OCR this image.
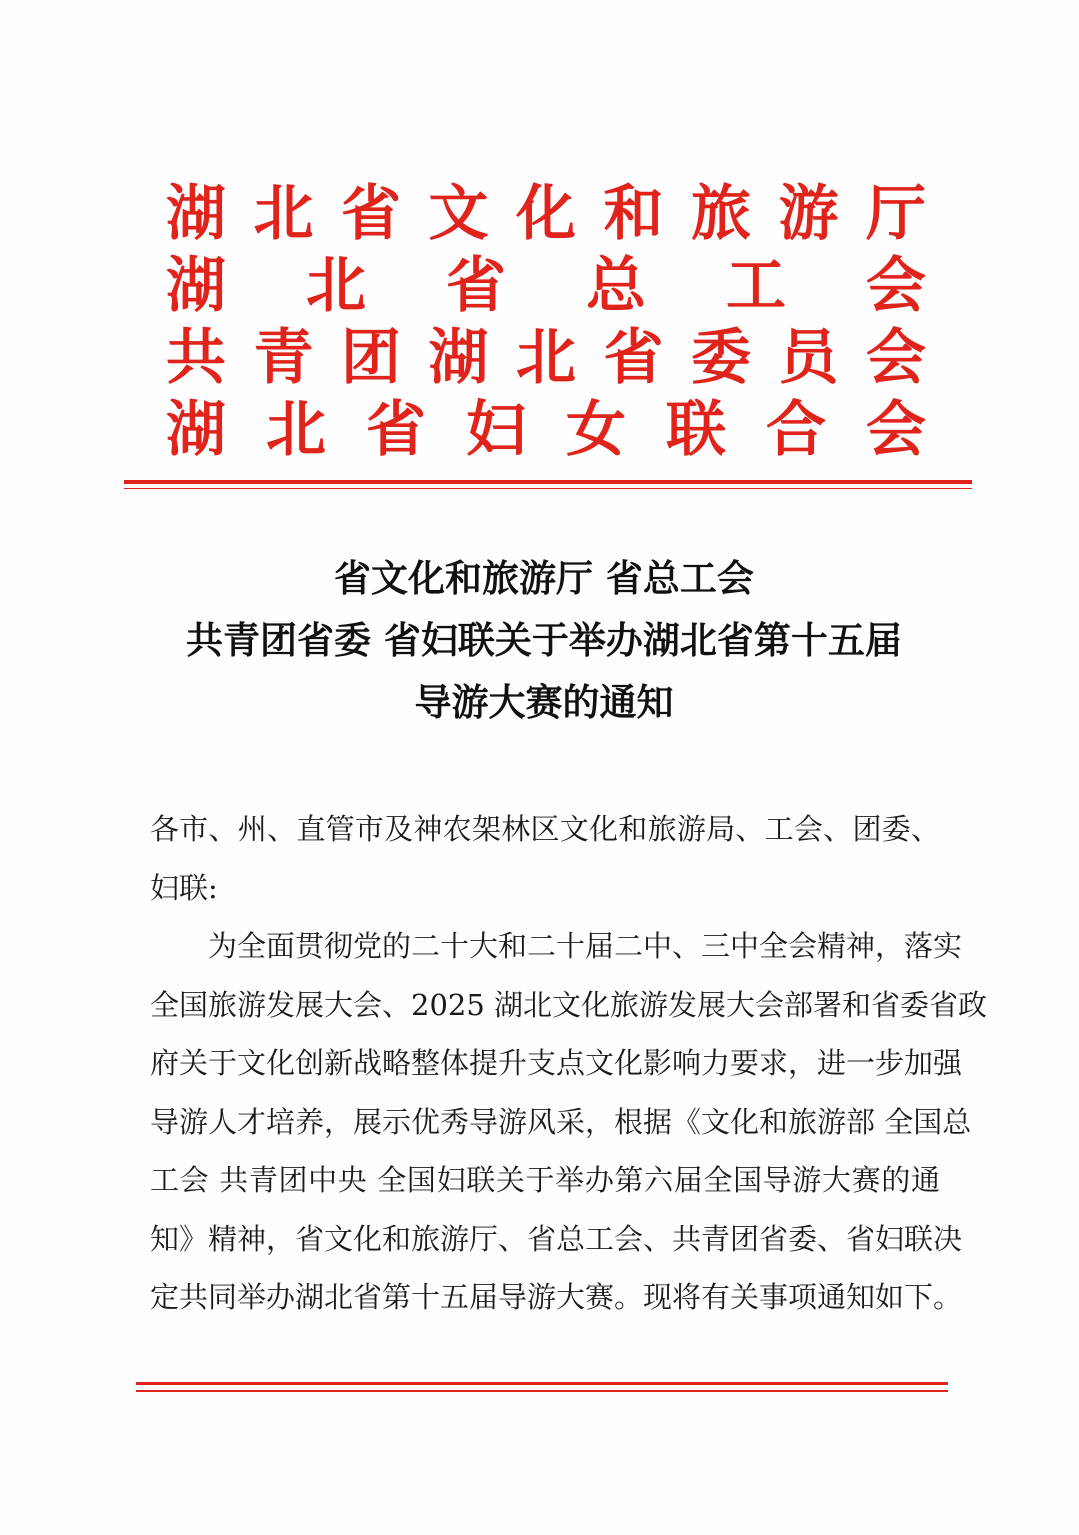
湖 北 省 文 化 和 旅 游 厅
湖 北 省 总 工 会
共 青 团 湖 北 省 委 员 会
湖 北 省 妇 女 联 合 会
省文化和旅游厅 省总工会
共青团省委 省妇联关于举办湖北省第十五届
导游大赛的通知
各市、州、直管市及神农架林区文化和旅游局、工会、团委、
妇联:
为全面贯彻党的二十大和二十届二中、三中全会精神，落实
全国旅游发展大会、2025 湖北文化旅游发展大会部署和省委省政
府关于文化创新战略整体提升支点文化影响力要求，进一步加强
导游人才培养，展示优秀导游风采，根据《文化和旅游部 全国总
工会 共青团中央 全国妇联关于举办第六届全国导游大赛的通
知》精神，省文化和旅游厅、省总工会、共青团省委、省妇联决
定共同举办湖北省第十五届导游大赛。现将有关事项通知如下。
